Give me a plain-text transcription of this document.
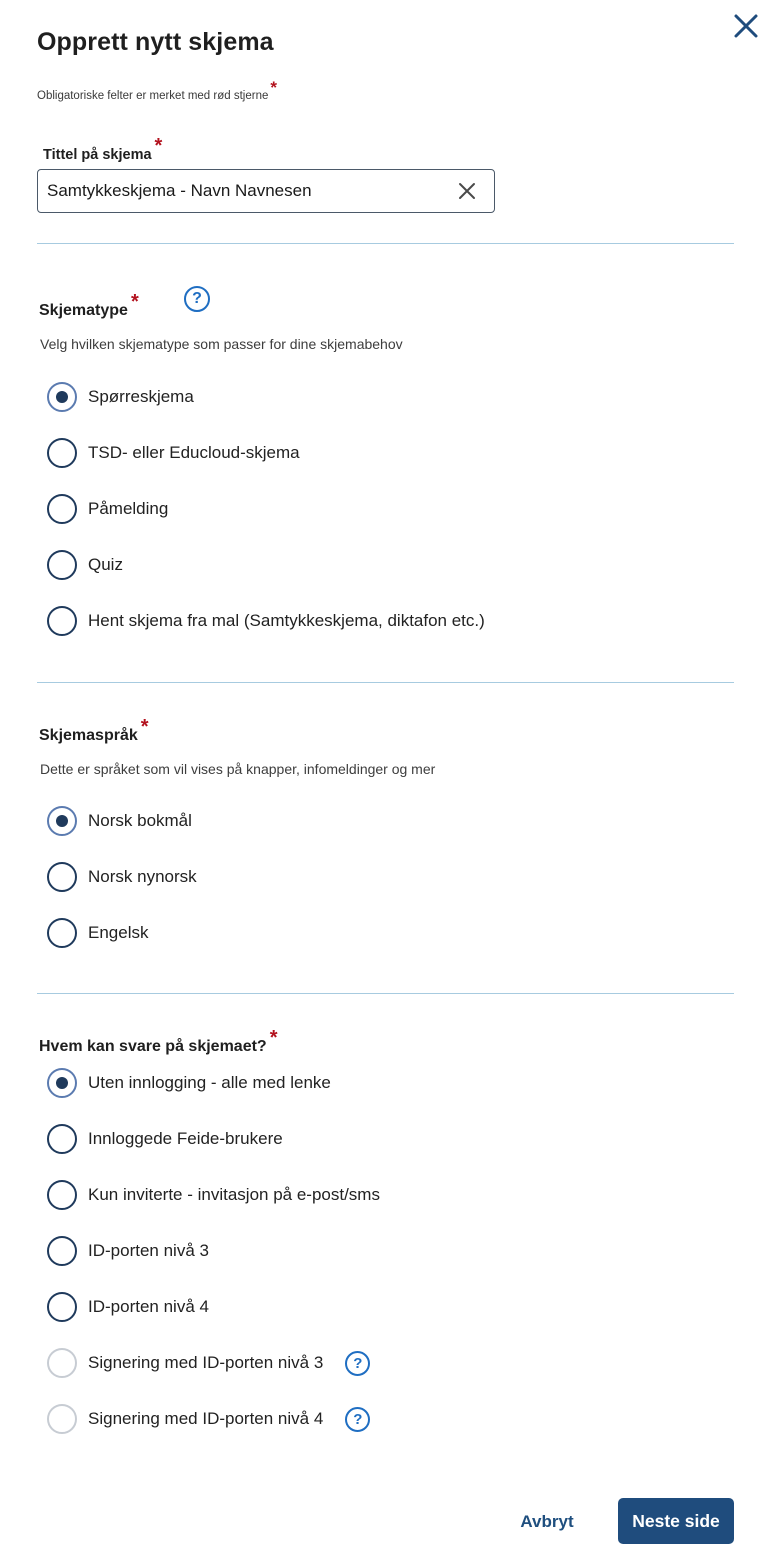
Opprett nytt skjema
Obligatoriske felter er merket med rød stjerne *
Tittel på skjema *
Samtykkeskjema - Navn Navnesen
Skjematype *	?
Velg hvilken skjematype som passer for dine skjemabehov
Spørreskjema
TSD- eller Educloud-skjema
Påmelding
Quiz
Hent skjema fra mal (Samtykkeskjema, diktafon etc.)
Skjemaspråk *
Dette er språket som vil vises på knapper, infomeldinger og mer
Norsk bokmål
Norsk nynorsk
Engelsk
Hvem kan svare på skjemaet? *
Uten innlogging - alle med lenke
Innloggede Feide-brukere
Kun inviterte - invitasjon på e-post/sms
ID-porten nivå 3
ID-porten nivå 4
Signering med ID-porten nivå 3	?
Signering med ID-porten nivå 4	?
Avbryt	Neste side
